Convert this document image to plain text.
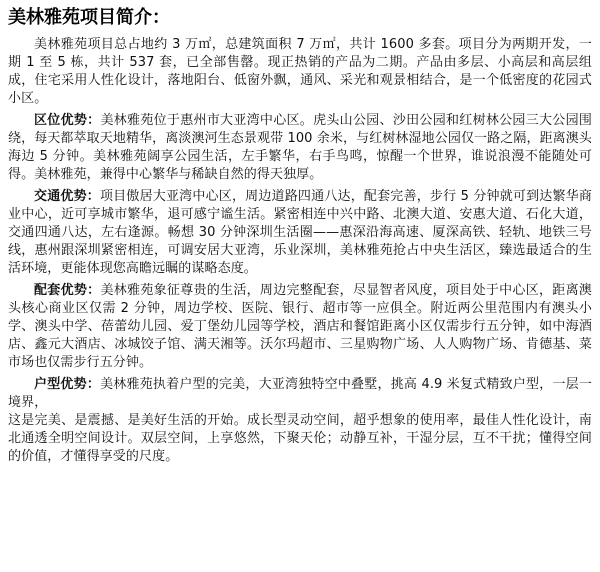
美林雅苑项目简介：

美林雅苑项目总占地约 3 万㎡，总建筑面积 7 万㎡，共计 1600 多套。项目分为两期开发，一期 1 至 5 栋，共计 537 套，已全部售罄。现正热销的产品为二期。产品由多层、小高层和高层组成，住宅采用人性化设计，落地阳台、低窗外飘，通风、采光和观景相结合，是一个低密度的花园式小区。

区位优势：美林雅苑位于惠州市大亚湾中心区。虎头山公园、沙田公园和红树林公园三大公园围绕，每天都萃取天地精华，离淡澳河生态景观带 100 余米，与红树林湿地公园仅一路之隔，距离澳头海边 5 分钟。美林雅苑阔享公园生活，左手繁华，右手鸟鸣，惊醒一个世界，谁说浪漫不能随处可得。美林雅苑，兼得中心繁华与稀缺自然的得天独厚。

交通优势：项目傲居大亚湾中心区，周边道路四通八达，配套完善，步行 5 分钟就可到达繁华商业中心，近可享城市繁华，退可感宁谧生活。紧密相连中兴中路、北澳大道、安惠大道、石化大道，交通四通八达，左右逢源。畅想 30 分钟深圳生活圈——惠深沿海高速、厦深高铁、轻轨、地铁三号线，惠州跟深圳紧密相连，可调安居大亚湾，乐业深圳，美林雅苑抢占中央生活区，臻选最适合的生活环境，更能体现您高瞻远瞩的谋略态度。

配套优势：美林雅苑象征尊贵的生活，周边完整配套，尽显智者风度，项目处于中心区，距离澳头核心商业区仅需 2 分钟，周边学校、医院、银行、超市等一应俱全。附近两公里范围内有澳头小学、澳头中学、蓓蕾幼儿园、爱丁堡幼儿园等学校，酒店和餐馆距离小区仅需步行五分钟，如中海酒店、鑫元大酒店、冰城饺子馆、满天湘等。沃尔玛超市、三星购物广场、人人购物广场、肯德基、菜市场也仅需步行五分钟。

户型优势：美林雅苑执着户型的完美，大亚湾独特空中叠墅，挑高 4.9 米复式精致户型，一层一境界，

这是完美、是震撼、是美好生活的开始。成长型灵动空间，超乎想象的使用率，最佳人性化设计，南北通透全明空间设计。双层空间，上享悠然，下聚天伦；动静互补，干湿分层，互不干扰；懂得空间的价值，才懂得享受的尺度。
